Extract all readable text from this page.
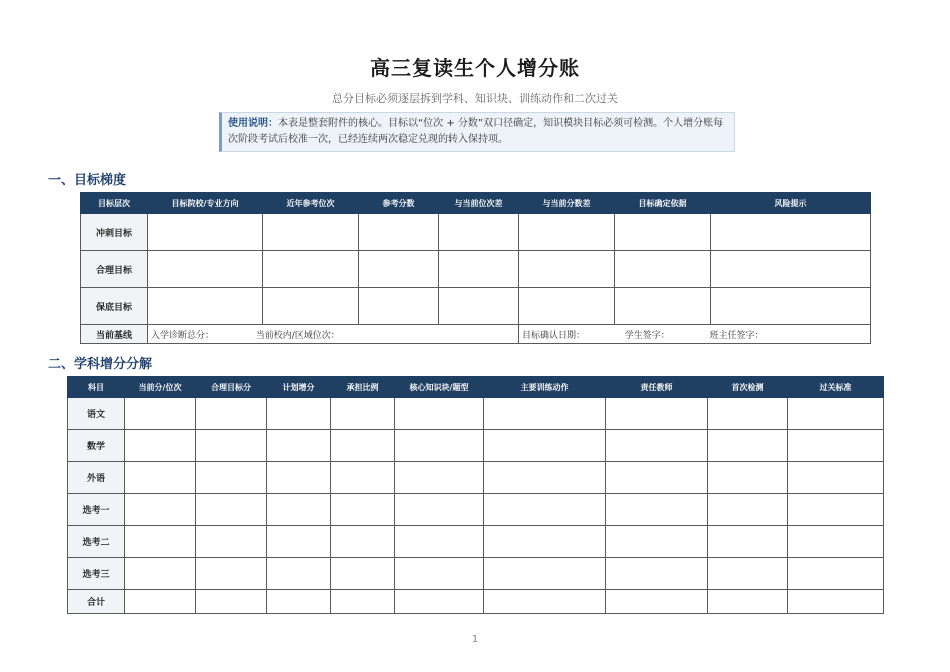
高三复读生个人增分账
总分目标必须逐层拆到学科、知识块、训练动作和二次过关
使用说明：本表是整套附件的核心。目标以“位次 + 分数”双口径确定，知识模块目标必须可检测。个人增分账每次阶段考试后校准一次，已经连续两次稳定兑现的转入保持项。
一、目标梯度
目标层次	目标院校/专业方向	近年参考位次	参考分数	与当前位次差	与当前分数差	目标确定依据	风险提示
冲刺目标							
合理目标							
保底目标							
当前基线	入学诊断总分： 当前校内/区域位次：				目标确认日期： 学生签字： 班主任签字：		
二、学科增分分解
科目	当前分/位次	合理目标分	计划增分	承担比例	核心知识块/题型	主要训练动作	责任教师	首次检测	过关标准
语文									
数学									
外语									
选考一									
选考二									
选考三									
合计									
1
